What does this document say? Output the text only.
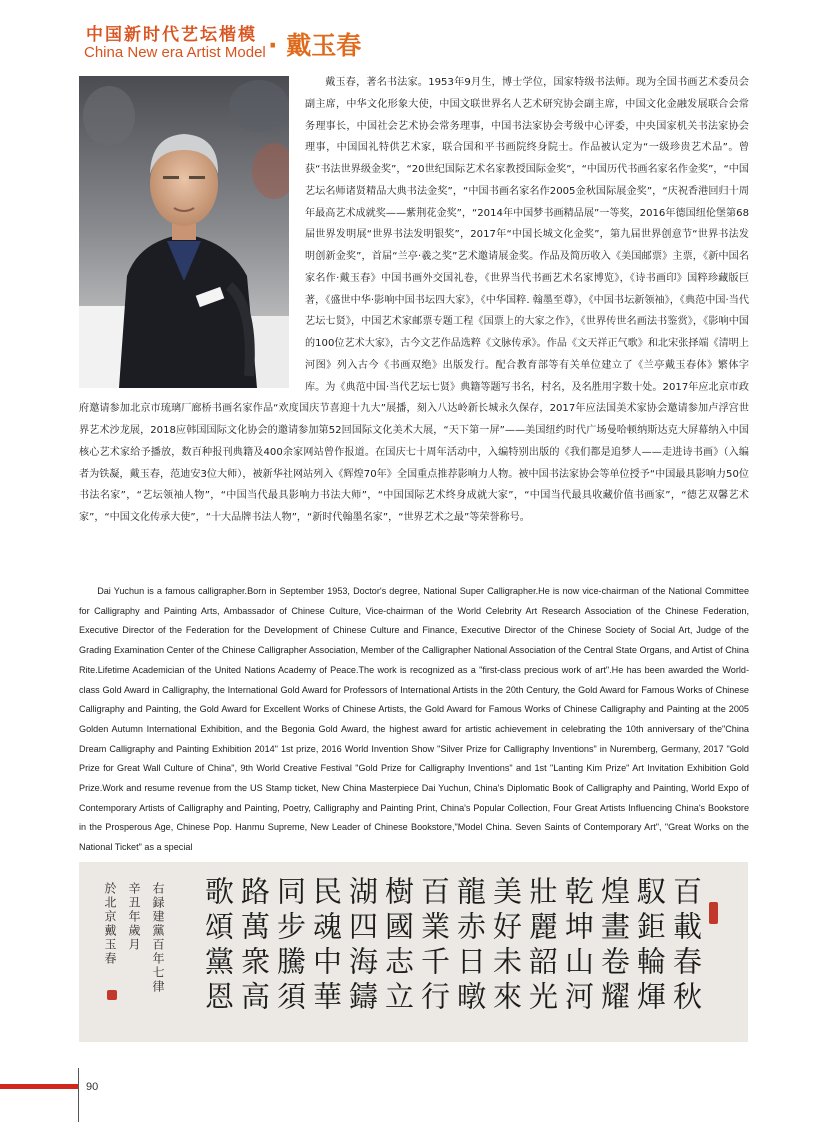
中国新时代艺坛楷模
China New era Artist Model · 戴玉春

戴玉春，著名书法家。1953年9月生，博士学位，国家特级书法师。现为全国书画艺术委员会副主席，中华文化形象大使，中国文联世界名人艺术研究协会副主席，中国文化金融发展联合会常务理事长，中国社会艺术协会常务理事，中国书法家协会考级中心评委，中央国家机关书法家协会理事，中国国礼特供艺术家，联合国和平书画院终身院士。作品被认定为“一级珍贵艺术品”。曾获“书法世界级金奖”，“20世纪国际艺术名家教授国际金奖”，“中国历代书画名家名作金奖”，“中国艺坛名师诸贤精品大典书法金奖”，“中国书画名家名作2005金秋国际展金奖”，“庆祝香港回归十周年最高艺术成就奖——紫荆花金奖”，“2014年中国梦书画精品展”一等奖，2016年德国纽伦堡第68届世界发明展“世界书法发明银奖”，2017年“中国长城文化金奖”，第九届世界创意节“世界书法发明创新金奖”，首届“兰亭·羲之奖”艺术邀请展金奖。作品及简历收入《美国邮票》主票，《新中国名家名作·戴玉春》中国书画外交国礼卷，《世界当代书画艺术名家博览》，《诗书画印》国粹珍藏版巨著，《盛世中华·影响中国书坛四大家》，《中华国粹. 翰墨至尊》，《中国书坛新领袖》，《典范中国·当代艺坛七贤》，中国艺术家邮票专题工程《国票上的大家之作》，《世界传世名画法书鉴赏》，《影响中国的100位艺术大家》，古今文艺作品选粹《文脉传承》。作品《文天祥正气歌》和北宋张择端《清明上河图》列入古今《书画双绝》出版发行。配合教育部等有关单位建立了《兰亭戴玉春体》繁体字库。为《典范中国·当代艺坛七贤》典籍等题写书名，村名，及名胜用字数十处。2017年应北京市政府邀请参加北京市琉璃厂廊桥书画名家作品“欢度国庆节喜迎十九大”展播，刻入八达岭新长城永久保存，2017年应法国美术家协会邀请参加卢浮宫世界艺术沙龙展，2018应韩国国际文化协会的邀请参加第52回国际文化美术大展，“天下第一屏”——美国纽约时代广场曼哈顿纳斯达克大屏幕纳入中国核心艺术家给予播放，数百种报刊典籍及400余家网站曾作报道。在国庆七十周年活动中，入编特别出版的《我们都是追梦人——走进诗书画》（入编者为铁凝，戴玉春，范迪安3位大师），被新华社网站列入《辉煌70年》全国重点推荐影响力人物。被中国书法家协会等单位授予“中国最具影响力50位书法名家”，“艺坛领袖人物”，“中国当代最具影响力书法大师”，“中国国际艺术终身成就大家”，“中国当代最具收藏价值书画家”，“德艺双馨艺术家”，“中国文化传承大使”，“十大品牌书法人物”，“新时代翰墨名家”，“世界艺术之最”等荣誉称号。

Dai Yuchun is a famous calligrapher.Born in September 1953, Doctor's degree, National Super Calligrapher.He is now vice-chairman of the National Committee for Calligraphy and Painting Arts, Ambassador of Chinese Culture, Vice-chairman of the World Celebrity Art Research Association of the Chinese Federation, Executive Director of the Federation for the Development of Chinese Culture and Finance, Executive Director of the Chinese Society of Social Art, Judge of the Grading Examination Center of the Chinese Calligrapher Association, Member of the Calligrapher National Association of the Central State Organs, and Artist of China Rite.Lifetime Academician of the United Nations Academy of Peace.The work is recognized as a "first-class precious work of art".He has been awarded the World-class Gold Award in Calligraphy, the International Gold Award for Professors of International Artists in the 20th Century, the Gold Award for Famous Works of Chinese Calligraphy and Painting, the Gold Award for Excellent Works of Chinese Artists, the Gold Award for Famous Works of Chinese Calligraphy and Painting at the 2005 Golden Autumn International Exhibition, and the Begonia Gold Award, the highest award for artistic achievement in celebrating the 10th anniversary of the"China Dream Calligraphy and Painting Exhibition 2014" 1st prize, 2016 World Invention Show "Silver Prize for Calligraphy Inventions" in Nuremberg, Germany, 2017 "Gold Prize for Great Wall Culture of China", 9th World Creative Festival "Gold Prize for Calligraphy Inventions" and 1st "Lanting Kim Prize" Art Invitation Exhibition Gold Prize.Work and resume revenue from the US Stamp ticket, New China Masterpiece Dai Yuchun, China's Diplomatic Book of Calligraphy and Painting, World Expo of Contemporary Artists of Calligraphy and Painting, Poetry, Calligraphy and Painting Print, China's Popular Collection, Four Great Artists Influencing China's Bookstore in the Prosperous Age, Chinese Pop. Hanmu Supreme, New Leader of Chinese Bookstore,"Model China. Seven Saints of Contemporary Art", "Great Works on the National Ticket" as a special

百載春秋
馭鉅輪煇
煌畫卷耀
乾坤山河
壯麗韶光
美好未來
龍赤日暾
百業千行
樹國志立
湖四海鑄
民魂中華
同步騰須
路萬衆高
歌頌黨恩
右録建黨百年七律
辛丑年歲月
於北京戴玉春
90
